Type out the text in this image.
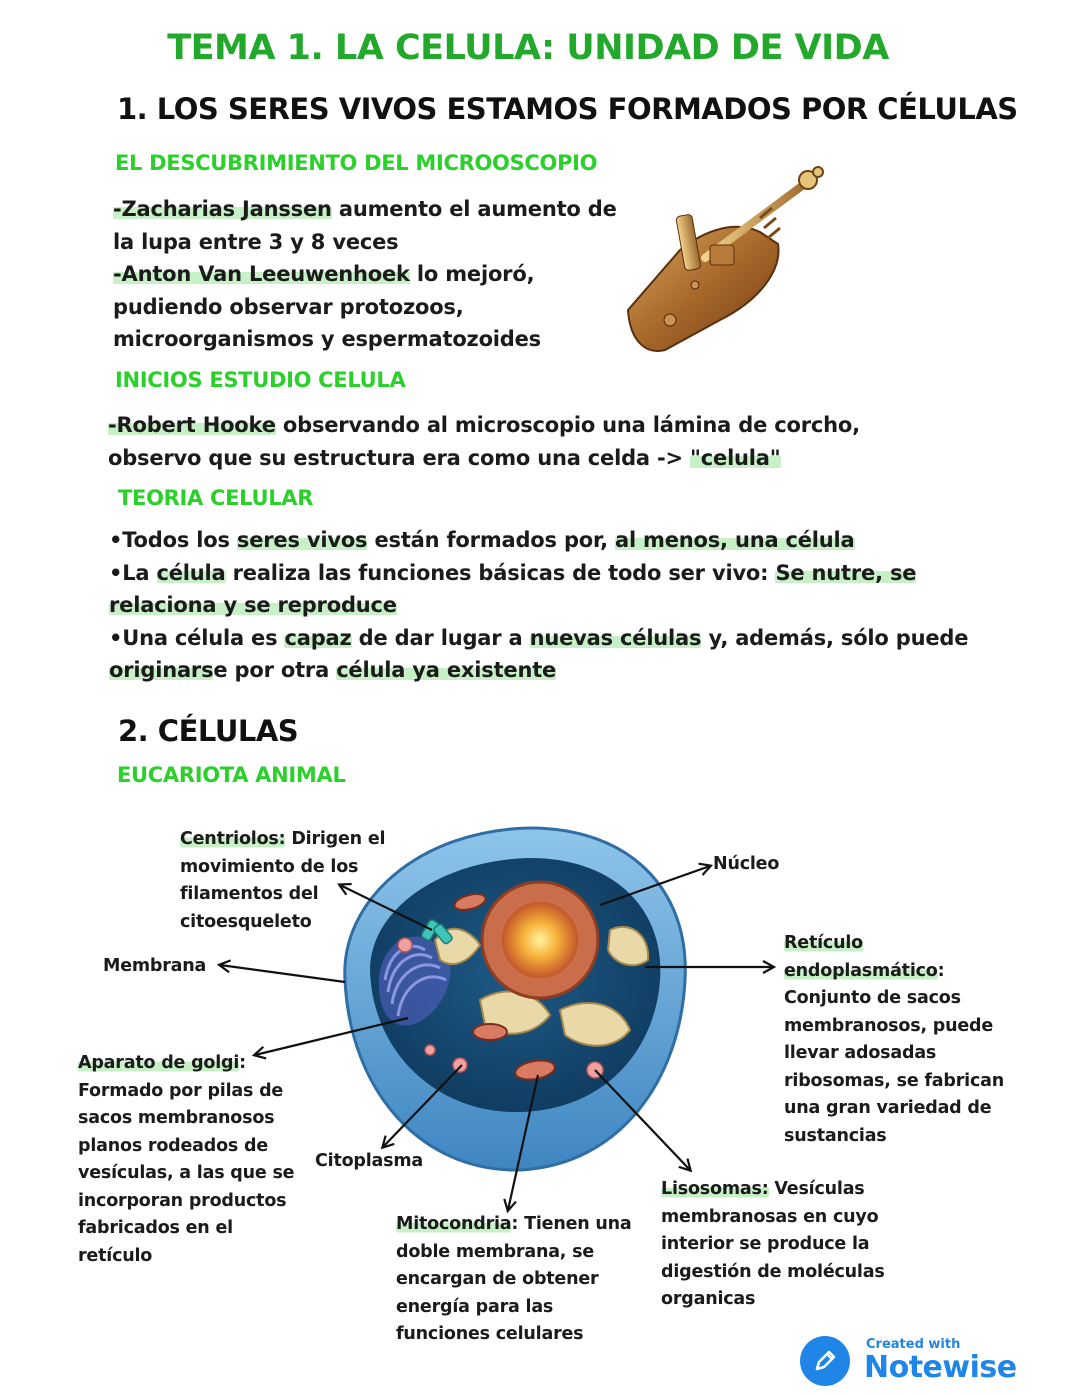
TEMA 1. LA CELULA: UNIDAD DE VIDA
1. LOS SERES VIVOS ESTAMOS FORMADOS POR CÉLULAS
EL DESCUBRIMIENTO DEL MICROOSCOPIO
-Zacharias Janssen aumento el aumento de
la lupa entre 3 y 8 veces
-Anton Van Leeuwenhoek lo mejoró,
pudiendo observar protozoos,
microorganismos y espermatozoides
INICIOS ESTUDIO CELULA
-Robert Hooke observando al microscopio una lámina de corcho,
observo que su estructura era como una celda -> "celula"
TEORIA CELULAR
•Todos los seres vivos están formados por, al menos, una célula
•La célula realiza las funciones básicas de todo ser vivo: Se nutre, se
relaciona y se reproduce
•Una célula es capaz de dar lugar a nuevas células y, además, sólo puede
originarse por otra célula ya existente
2. CÉLULAS
EUCARIOTA ANIMAL
Centriolos: Dirigen el
movimiento de los
filamentos del
citoesqueleto
Membrana
Núcleo
Retículo
endoplasmático:
Conjunto de sacos
membranosos, puede
llevar adosadas
ribosomas, se fabrican
una gran variedad de
sustancias
Aparato de golgi:
Formado por pilas de
sacos membranosos
planos rodeados de
vesículas, a las que se
incorporan productos
fabricados en el
retículo
Citoplasma
Mitocondria: Tienen una
doble membrana, se
encargan de obtener
energía para las
funciones celulares
Lisosomas: Vesículas
membranosas en cuyo
interior se produce la
digestión de moléculas
organicas
Created with
Notewise
